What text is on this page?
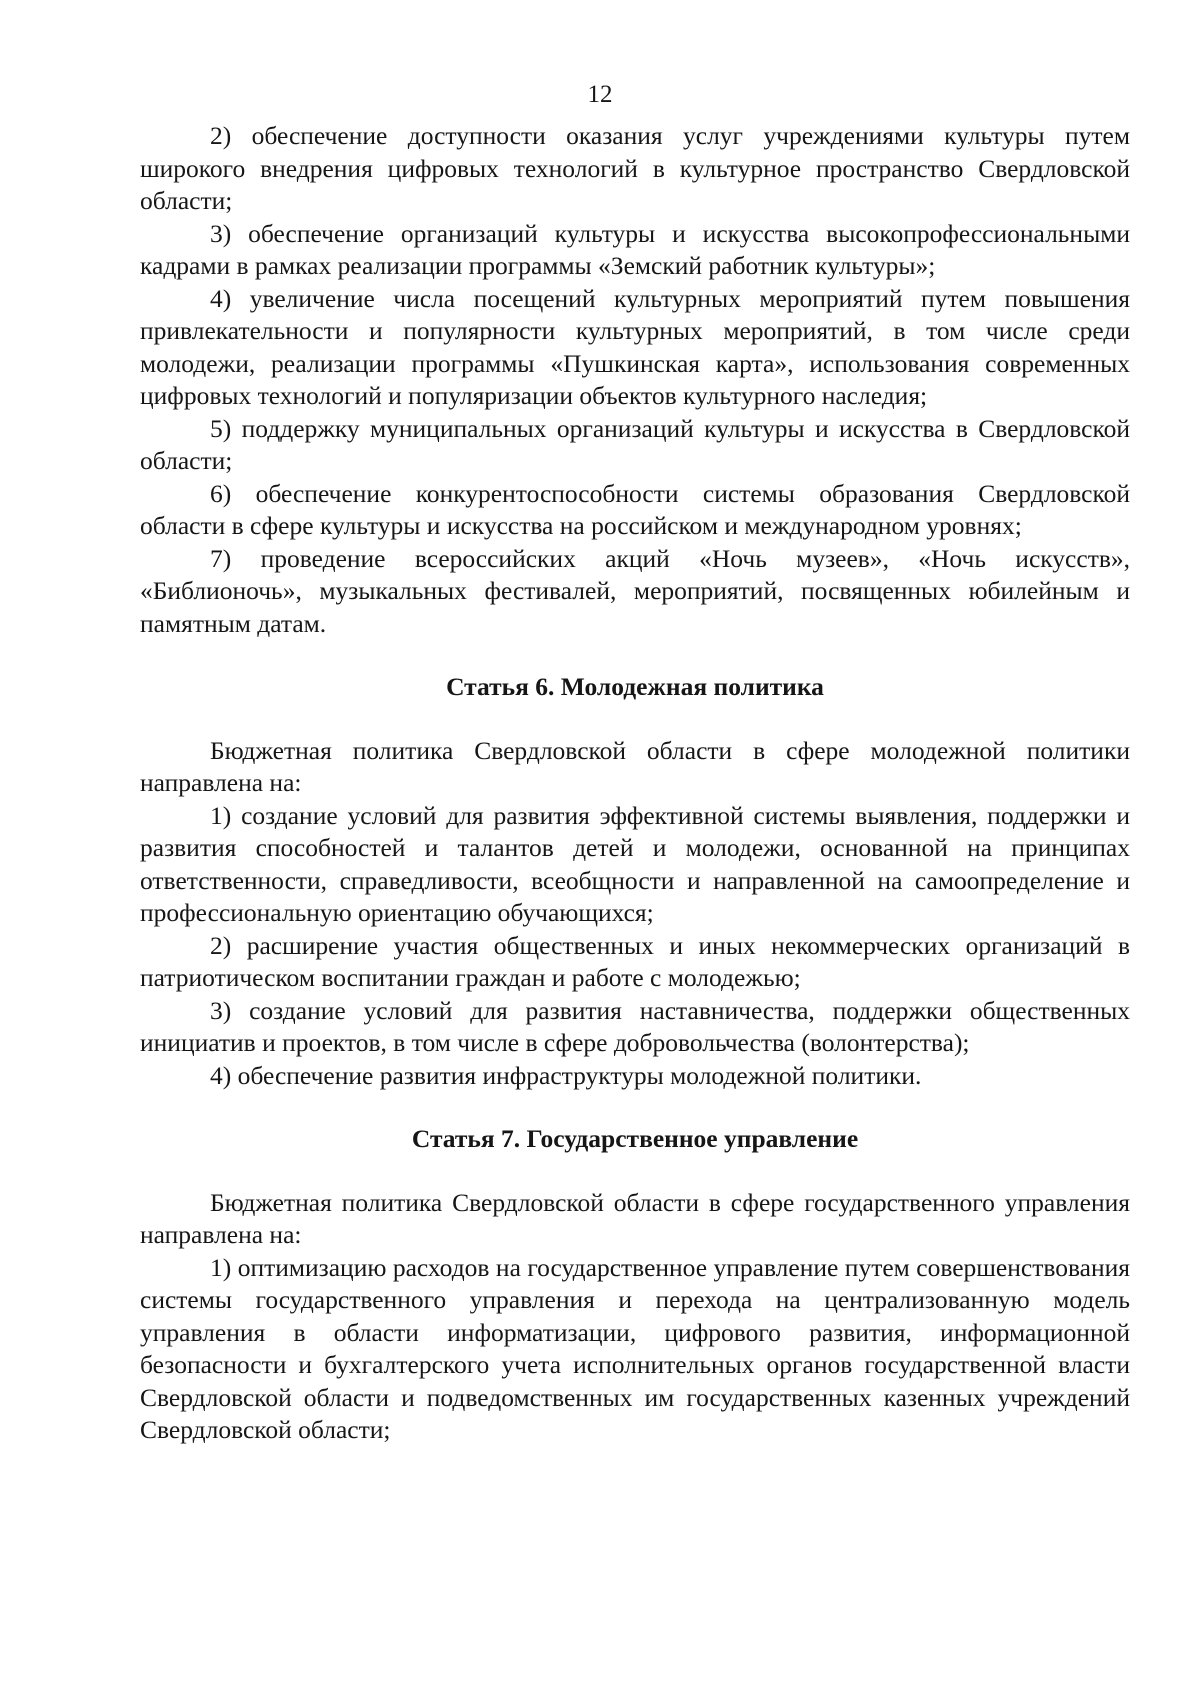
12

2) обеспечение доступности оказания услуг учреждениями культуры путем широкого внедрения цифровых технологий в культурное пространство Свердловской области;

3) обеспечение организаций культуры и искусства высокопрофессиональными кадрами в рамках реализации программы «Земский работник культуры»;

4) увеличение числа посещений культурных мероприятий путем повышения привлекательности и популярности культурных мероприятий, в том числе среди молодежи, реализации программы «Пушкинская карта», использования современных цифровых технологий и популяризации объектов культурного наследия;

5) поддержку муниципальных организаций культуры и искусства в Свердловской области;

6) обеспечение конкурентоспособности системы образования Свердловской области в сфере культуры и искусства на российском и международном уровнях;

7) проведение всероссийских акций «Ночь музеев», «Ночь искусств», «Библионочь», музыкальных фестивалей, мероприятий, посвященных юбилейным и памятным датам.

Статья 6. Молодежная политика

Бюджетная политика Свердловской области в сфере молодежной политики направлена на:

1) создание условий для развития эффективной системы выявления, поддержки и развития способностей и талантов детей и молодежи, основанной на принципах ответственности, справедливости, всеобщности и направленной на самоопределение и профессиональную ориентацию обучающихся;

2) расширение участия общественных и иных некоммерческих организаций в патриотическом воспитании граждан и работе с молодежью;

3) создание условий для развития наставничества, поддержки общественных инициатив и проектов, в том числе в сфере добровольчества (волонтерства);

4) обеспечение развития инфраструктуры молодежной политики.

Статья 7. Государственное управление

Бюджетная политика Свердловской области в сфере государственного управления направлена на:

1) оптимизацию расходов на государственное управление путем совершенствования системы государственного управления и перехода на централизованную модель управления в области информатизации, цифрового развития, информационной безопасности и бухгалтерского учета исполнительных органов государственной власти Свердловской области и подведомственных им государственных казенных учреждений Свердловской области;
